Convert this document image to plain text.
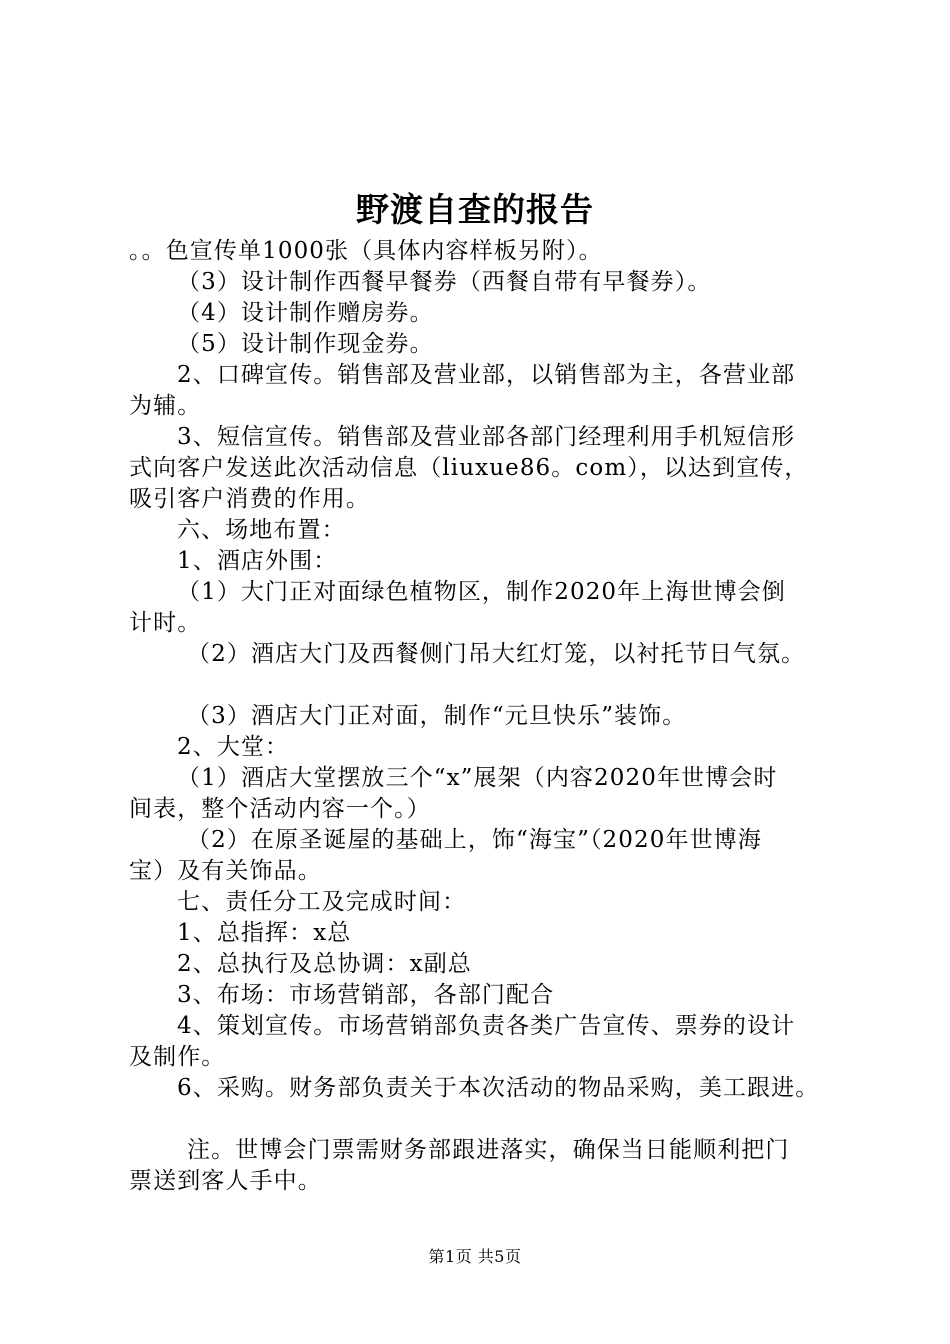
野渡自查的报告
。。色宣传单1000张（具体内容样板另附）。
（3）设计制作西餐早餐券（西餐自带有早餐券）。
（4）设计制作赠房券。
（5）设计制作现金券。
2、口碑宣传。销售部及营业部，以销售部为主，各营业部
为辅。
3、短信宣传。销售部及营业部各部门经理利用手机短信形
式向客户发送此次活动信息（liuxue86。com），以达到宣传，
吸引客户消费的作用。
六、场地布置：
1、酒店外围：
（1）大门正对面绿色植物区，制作2020年上海世博会倒
计时。
（2）酒店大门及西餐侧门吊大红灯笼，以衬托节日气氛。
（3）酒店大门正对面，制作“元旦快乐”装饰。
2、大堂：
（1）酒店大堂摆放三个“x”展架（内容2020年世博会时
间表，整个活动内容一个。）
（2）在原圣诞屋的基础上，饰“海宝”（2020年世博海
宝）及有关饰品。
七、责任分工及完成时间：
1、总指挥：x总
2、总执行及总协调：x副总
3、布场：市场营销部，各部门配合
4、策划宣传。市场营销部负责各类广告宣传、票券的设计
及制作。
6、采购。财务部负责关于本次活动的物品采购，美工跟进。
注。世博会门票需财务部跟进落实，确保当日能顺利把门
票送到客人手中。
第1页 共5页
